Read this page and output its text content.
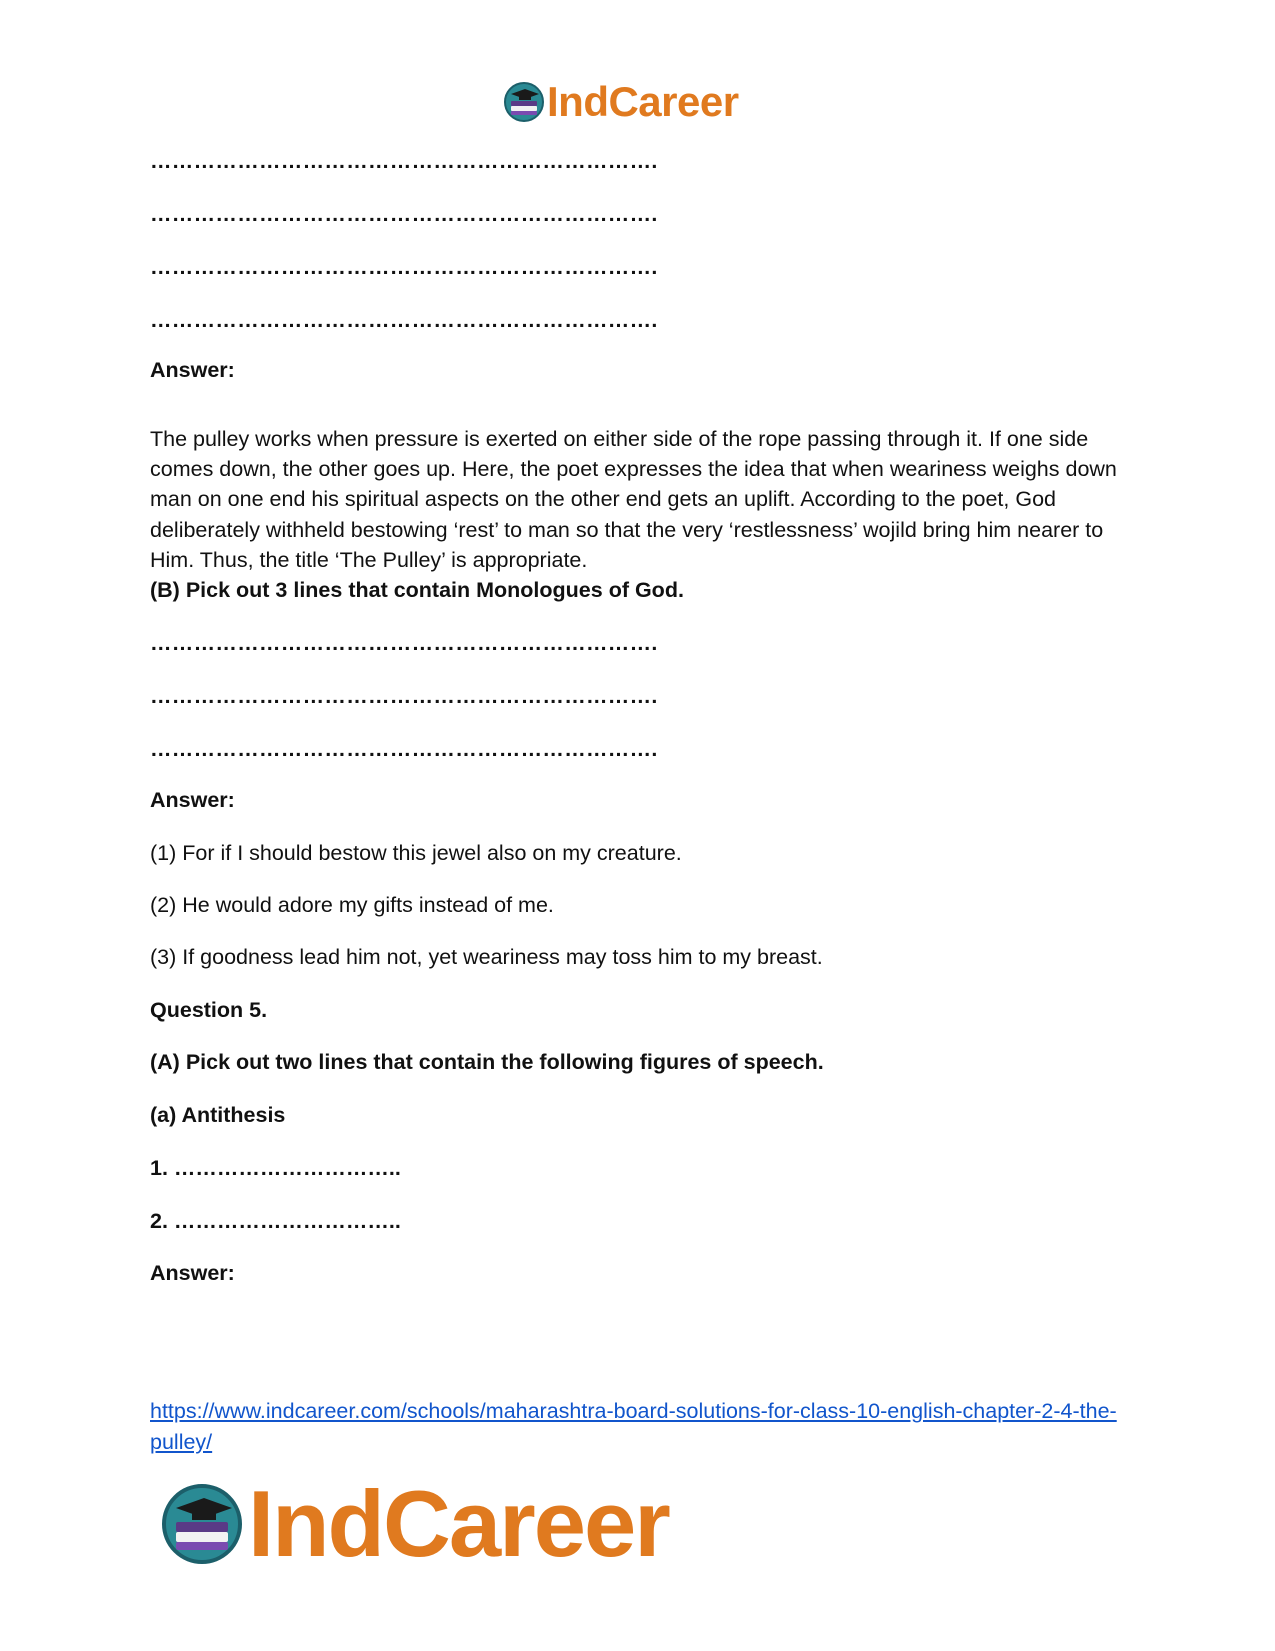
IndCareer
…………………………………………………………….
…………………………………………………………….
…………………………………………………………….
…………………………………………………………….
Answer:
The pulley works when pressure is exerted on either side of the rope passing through it. If one side comes down, the other goes up. Here, the poet expresses the idea that when weariness weighs down man on one end his spiritual aspects on the other end gets an uplift. According to the poet, God deliberately withheld bestowing ‘rest’ to man so that the very ‘restlessness’ wojild bring him nearer to Him. Thus, the title ‘The Pulley’ is appropriate.
(B) Pick out 3 lines that contain Monologues of God.
…………………………………………………………….
…………………………………………………………….
…………………………………………………………….
Answer:
(1) For if I should bestow this jewel also on my creature.
(2) He would adore my gifts instead of me.
(3) If goodness lead him not, yet weariness may toss him to my breast.
Question 5.
(A) Pick out two lines that contain the following figures of speech.
(a) Antithesis
1. …………………………..
2. …………………………..
Answer:
https://www.indcareer.com/schools/maharashtra-board-solutions-for-class-10-english-chapter-2-4-the-pulley/
IndCareer
